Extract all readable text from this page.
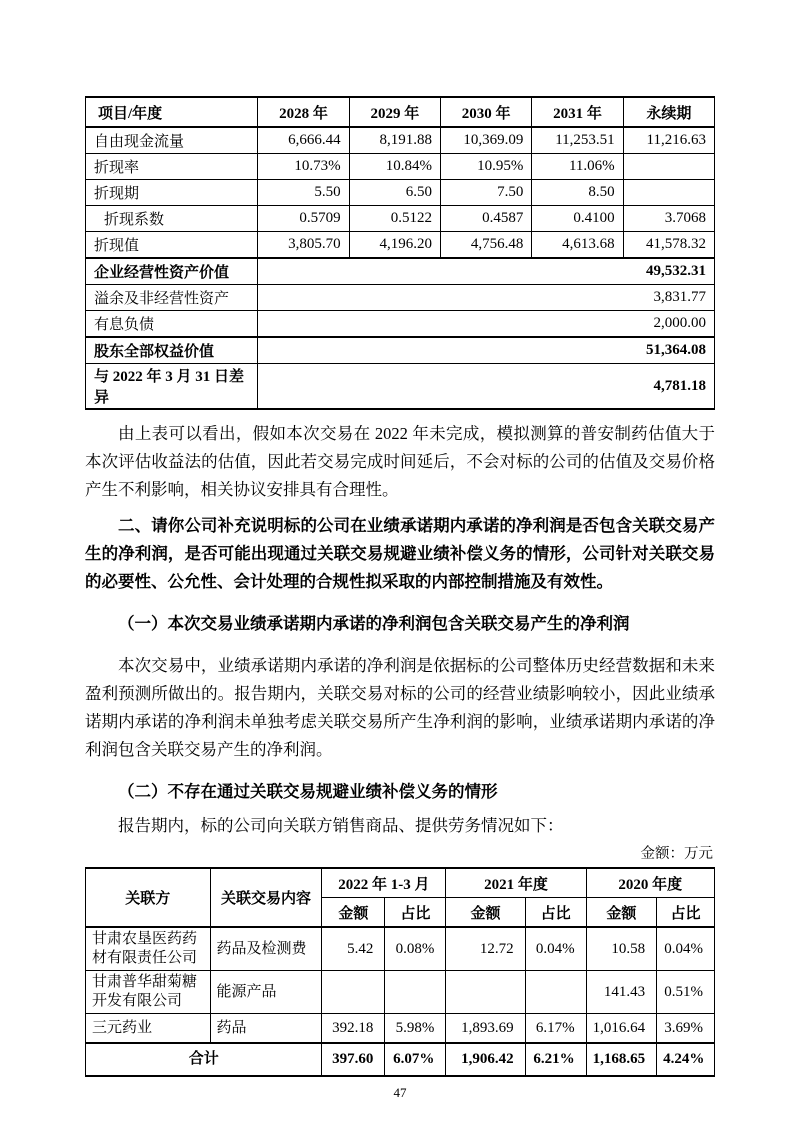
项目/年度	2028 年	2029 年	2030 年	2031 年	永续期
自由现金流量	6,666.44	8,191.88	10,369.09	11,253.51	11,216.63
折现率	10.73%	10.84%	10.95%	11.06%	
折现期	5.50	6.50	7.50	8.50	
折现系数	0.5709	0.5122	0.4587	0.4100	3.7068
折现值	3,805.70	4,196.20	4,756.48	4,613.68	41,578.32
企业经营性资产价值	49,532.31				
溢余及非经营性资产	3,831.77				
有息负债	2,000.00				
股东全部权益价值	51,364.08				
与 2022 年 3 月 31 日差异	4,781.18				

由上表可以看出，假如本次交易在 2022 年未完成，模拟测算的普安制药估值大于本次评估收益法的估值，因此若交易完成时间延后，不会对标的公司的估值及交易价格产生不利影响，相关协议安排具有合理性。

二、请你公司补充说明标的公司在业绩承诺期内承诺的净利润是否包含关联交易产生的净利润，是否可能出现通过关联交易规避业绩补偿义务的情形，公司针对关联交易的必要性、公允性、会计处理的合规性拟采取的内部控制措施及有效性。

（一）本次交易业绩承诺期内承诺的净利润包含关联交易产生的净利润

本次交易中，业绩承诺期内承诺的净利润是依据标的公司整体历史经营数据和未来盈利预测所做出的。报告期内，关联交易对标的公司的经营业绩影响较小，因此业绩承诺期内承诺的净利润未单独考虑关联交易所产生净利润的影响，业绩承诺期内承诺的净利润包含关联交易产生的净利润。

（二）不存在通过关联交易规避业绩补偿义务的情形

报告期内，标的公司向关联方销售商品、提供劳务情况如下：

金额：万元
关联方	关联交易内容	2022 年 1-3 月		2021 年度		2020 年度	
		金额	占比	金额	占比	金额	占比
甘肃农垦医药药材有限责任公司	药品及检测费	5.42	0.08%	12.72	0.04%	10.58	0.04%
甘肃普华甜菊糖开发有限公司	能源产品					141.43	0.51%
三元药业	药品	392.18	5.98%	1,893.69	6.17%	1,016.64	3.69%
合计		397.60	6.07%	1,906.42	6.21%	1,168.65	4.24%
47
